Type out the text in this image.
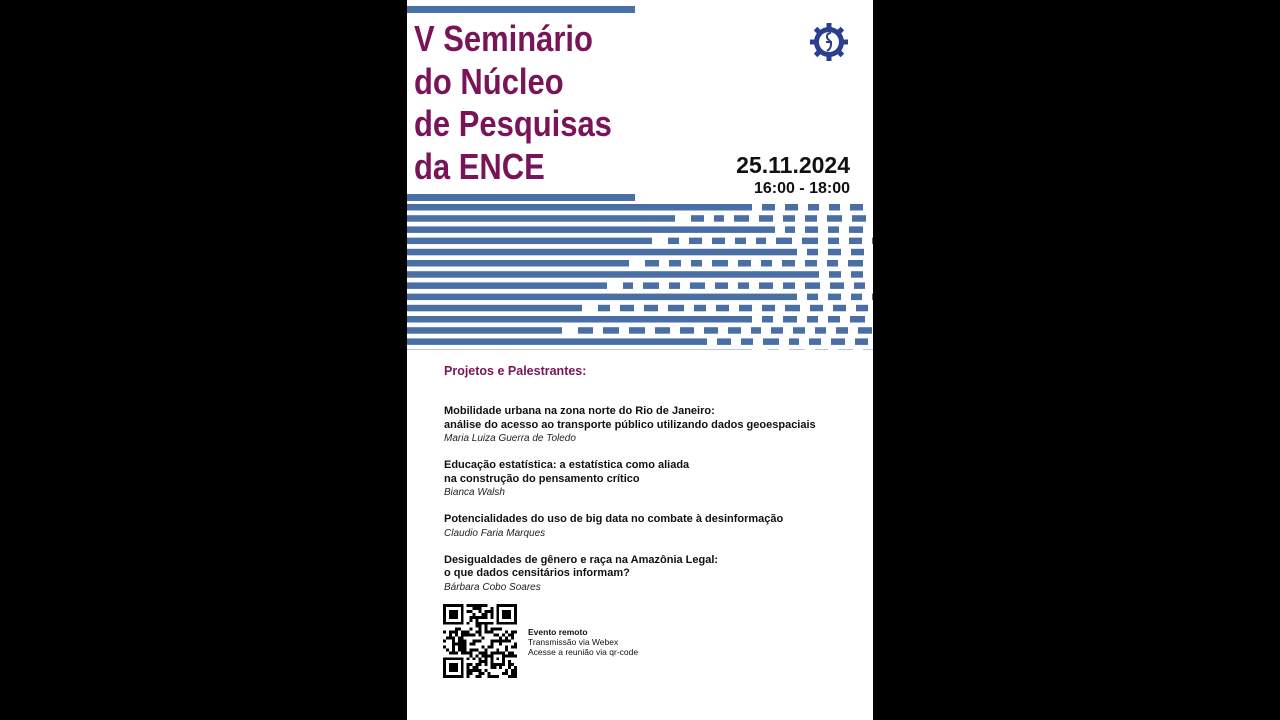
V Seminário
do Núcleo
de Pesquisas
da ENCE	25.11.2024
16:00 - 18:00
Projetos e Palestrantes:
Mobilidade urbana na zona norte do Rio de Janeiro:
análise do acesso ao transporte público utilizando dados geoespaciais
Maria Luiza Guerra de Toledo
Educação estatística: a estatística como aliada
na construção do pensamento crítico
Bianca Walsh
Potencialidades do uso de big data no combate à desinformação
Claudio Faria Marques
Desigualdades de gênero e raça na Amazônia Legal:
o que dados censitários informam?
Bárbara Cobo Soares
Evento remoto
Transmissão via Webex
Acesse a reunião via qr-code
